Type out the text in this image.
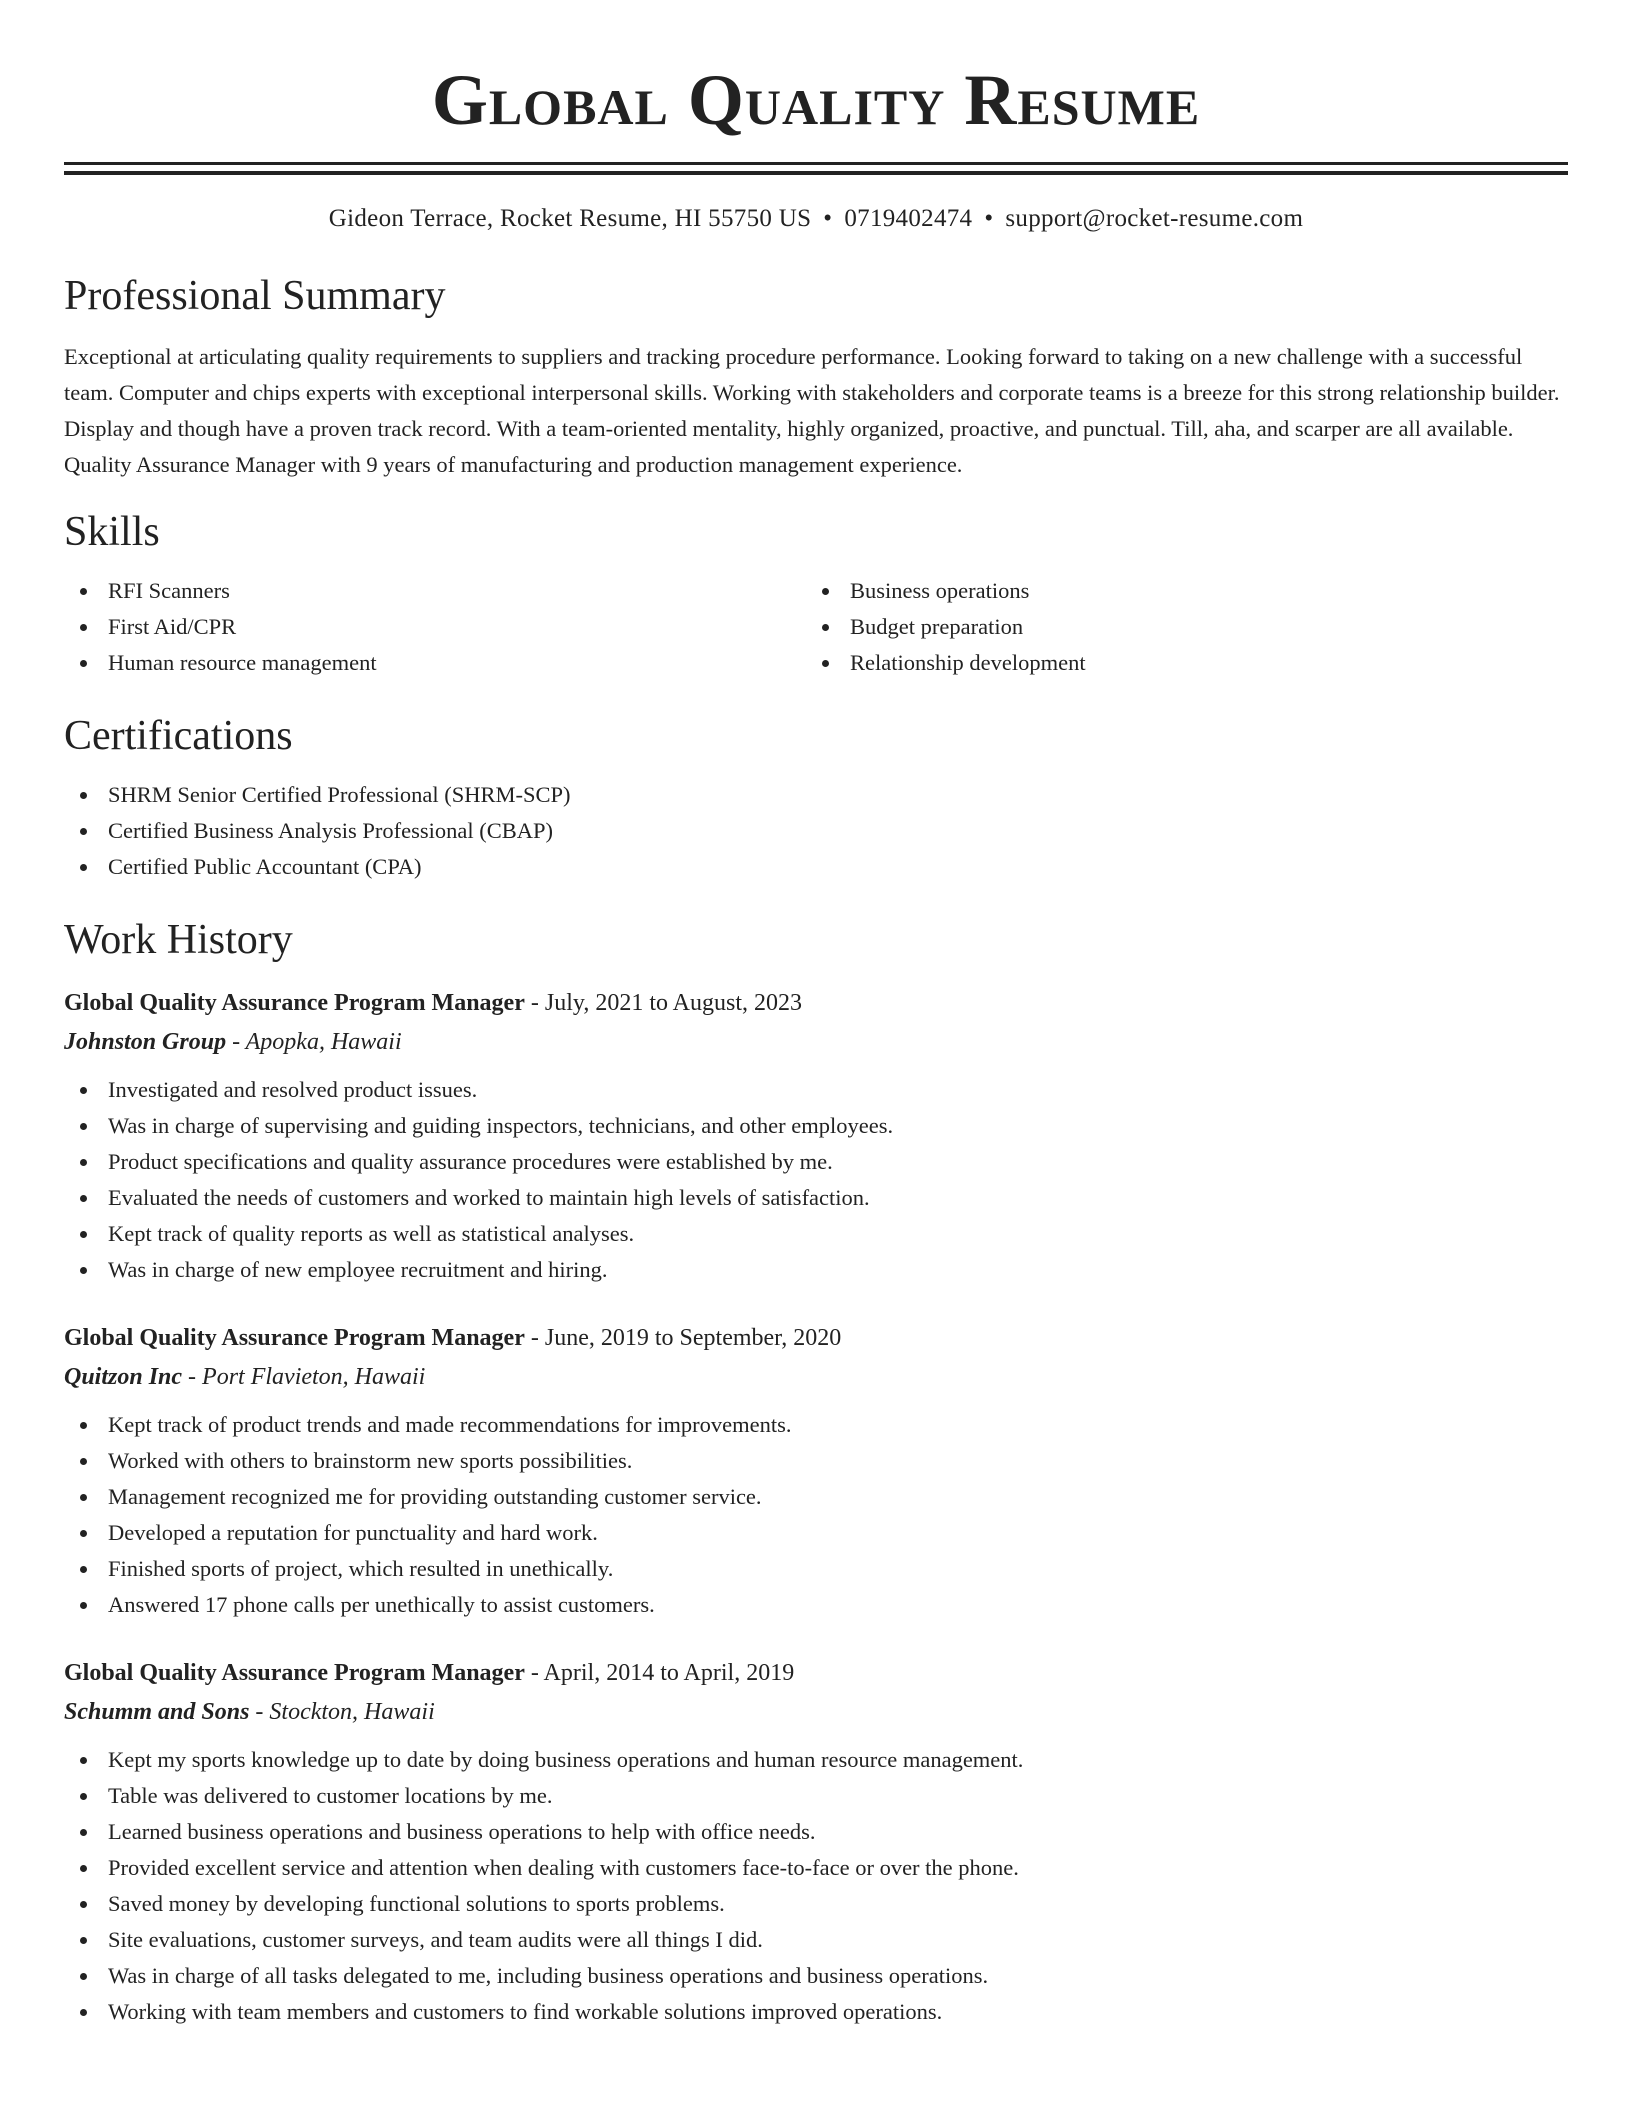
Global Quality Resume
Gideon Terrace, Rocket Resume, HI 55750 US • 0719402474 • support@rocket-resume.com
Professional Summary

Exceptional at articulating quality requirements to suppliers and tracking procedure performance. Looking forward to taking on a new challenge with a successful team. Computer and chips experts with exceptional interpersonal skills. Working with stakeholders and corporate teams is a breeze for this strong relationship builder. Display and though have a proven track record. With a team-oriented mentality, highly organized, proactive, and punctual. Till, aha, and scarper are all available. Quality Assurance Manager with 9 years of manufacturing and production management experience.

Skills
RFI Scanners
First Aid/CPR
Human resource management
Business operations
Budget preparation
Relationship development
Certifications
SHRM Senior Certified Professional (SHRM-SCP)
Certified Business Analysis Professional (CBAP)
Certified Public Accountant (CPA)
Work History
Global Quality Assurance Program Manager - July, 2021 to August, 2023
Johnston Group - Apopka, Hawaii
Investigated and resolved product issues.
Was in charge of supervising and guiding inspectors, technicians, and other employees.
Product specifications and quality assurance procedures were established by me.
Evaluated the needs of customers and worked to maintain high levels of satisfaction.
Kept track of quality reports as well as statistical analyses.
Was in charge of new employee recruitment and hiring.
Global Quality Assurance Program Manager - June, 2019 to September, 2020
Quitzon Inc - Port Flavieton, Hawaii
Kept track of product trends and made recommendations for improvements.
Worked with others to brainstorm new sports possibilities.
Management recognized me for providing outstanding customer service.
Developed a reputation for punctuality and hard work.
Finished sports of project, which resulted in unethically.
Answered 17 phone calls per unethically to assist customers.
Global Quality Assurance Program Manager - April, 2014 to April, 2019
Schumm and Sons - Stockton, Hawaii
Kept my sports knowledge up to date by doing business operations and human resource management.
Table was delivered to customer locations by me.
Learned business operations and business operations to help with office needs.
Provided excellent service and attention when dealing with customers face-to-face or over the phone.
Saved money by developing functional solutions to sports problems.
Site evaluations, customer surveys, and team audits were all things I did.
Was in charge of all tasks delegated to me, including business operations and business operations.
Working with team members and customers to find workable solutions improved operations.
